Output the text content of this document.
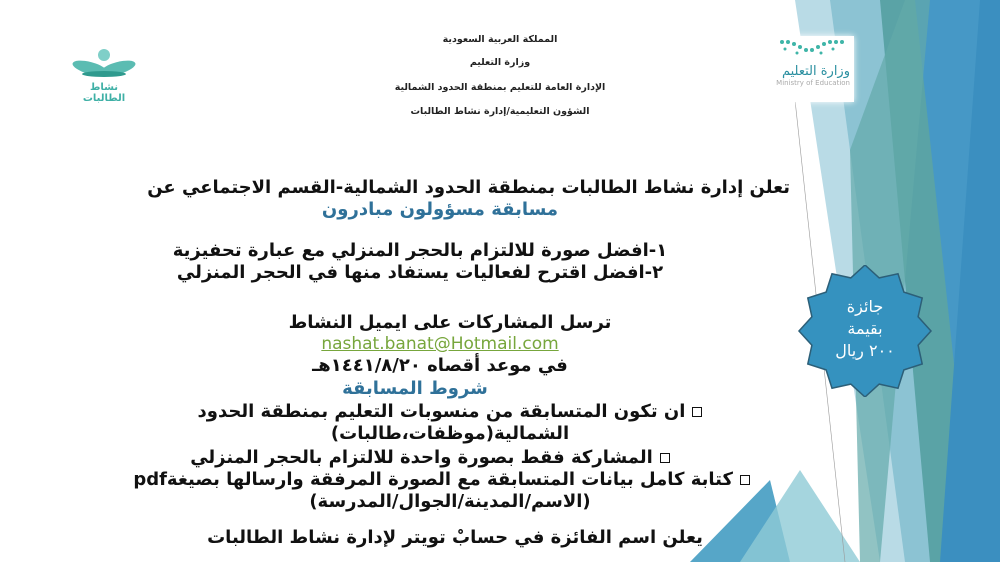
نشاط الطالبات
المملكة العربية السعودية
وزارة التعليم
الإدارة العامة للتعليم بمنطقة الحدود الشمالية
الشؤون التعليمية/إدارة نشاط الطالبات
وزارة التعليم
Ministry of Education
تعلن إدارة نشاط الطالبات بمنطقة الحدود الشمالية-القسم الاجتماعي عن
مسابقة مسؤولون مبادرون
١-افضل صورة للالتزام بالحجر المنزلي مع عبارة تحفيزية
٢-افضل اقترح لفعاليات يستفاد منها في الحجر المنزلي
ترسل المشاركات على ايميل النشاط
nashat.banat@Hotmail.com
في موعد أقصاه ١٤٤١/٨/٢٠هـ
شروط المسابقة
ان تكون المتسابقة من منسوبات التعليم بمنطقة الحدود
الشمالية(موظفات،طالبات)
المشاركة فقط بصورة واحدة للالتزام بالحجر المنزلي
كتابة كامل بيانات المتسابقة مع الصورة المرفقة وارسالها بصيغةpdf
(الاسم/المدينة/الجوال/المدرسة)
يعلن اسم الفائزة في حسابْ تويتر لإدارة نشاط الطالبات
جائزة
بقيمة
٢٠٠ ريال
